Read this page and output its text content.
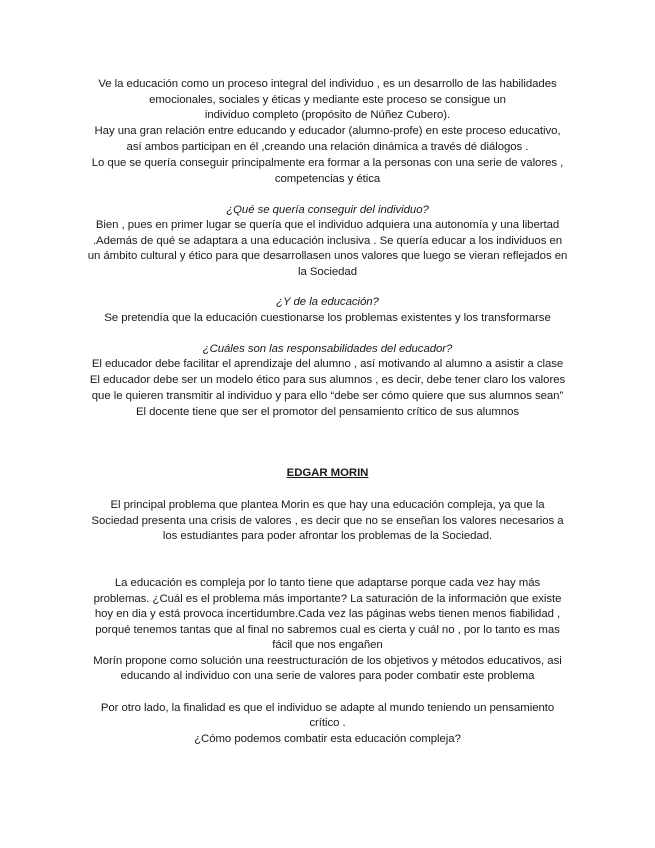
Ve la educación como un proceso integral del individuo , es un desarrollo de las habilidades
emocionales, sociales y éticas y mediante este proceso se consigue un
individuo completo (propósito de Núñez Cubero).
Hay una gran relación entre educando y educador (alumno-profe) en este proceso educativo,
así ambos participan en él ,creando una relación dinámica a través dé diálogos .
Lo que se quería conseguir principalmente era formar a la personas con una serie de valores ,
competencias y ética
¿Qué se quería conseguir del individuo?
Bien , pues en primer lugar se quería que el individuo adquiera una autonomía y una libertad
.Además de qué se adaptara a una educación inclusiva . Se quería educar a los individuos en
un ámbito cultural y ético para que desarrollasen unos valores que luego se vieran reflejados en
la Sociedad
¿Y de la educación?
Se pretendía que la educación cuestionarse los problemas existentes y los transformarse
¿Cuáles son las responsabilidades del educador?
El educador debe facilitar el aprendizaje del alumno , así motivando al alumno a asistir a clase
El educador debe ser un modelo ético para sus alumnos , es decir, debe tener claro los valores
que le quieren transmitir al individuo y para ello “debe ser cómo quiere que sus alumnos sean”
El docente tiene que ser el promotor del pensamiento crítico de sus alumnos
EDGAR MORIN
El principal problema que plantea Morin es que hay una educación compleja, ya que la
Sociedad presenta una crisis de valores , es decir que no se enseñan los valores necesarios a
los estudiantes para poder afrontar los problemas de la Sociedad.
La educación es compleja por lo tanto tiene que adaptarse porque cada vez hay más
problemas. ¿Cuál es el problema más importante? La saturación de la información que existe
hoy en dia y está provoca incertidumbre.Cada vez las páginas webs tienen menos fiabilidad ,
porqué tenemos tantas que al final no sabremos cual es cierta y cuál no , por lo tanto es mas
fácil que nos engañen
Morín propone como solución una reestructuración de los objetivos y métodos educativos, asi
educando al individuo con una serie de valores para poder combatir este problema
Por otro lado, la finalidad es que el individuo se adapte al mundo teniendo un pensamiento
crítico .
¿Cómo podemos combatir esta educación compleja?
